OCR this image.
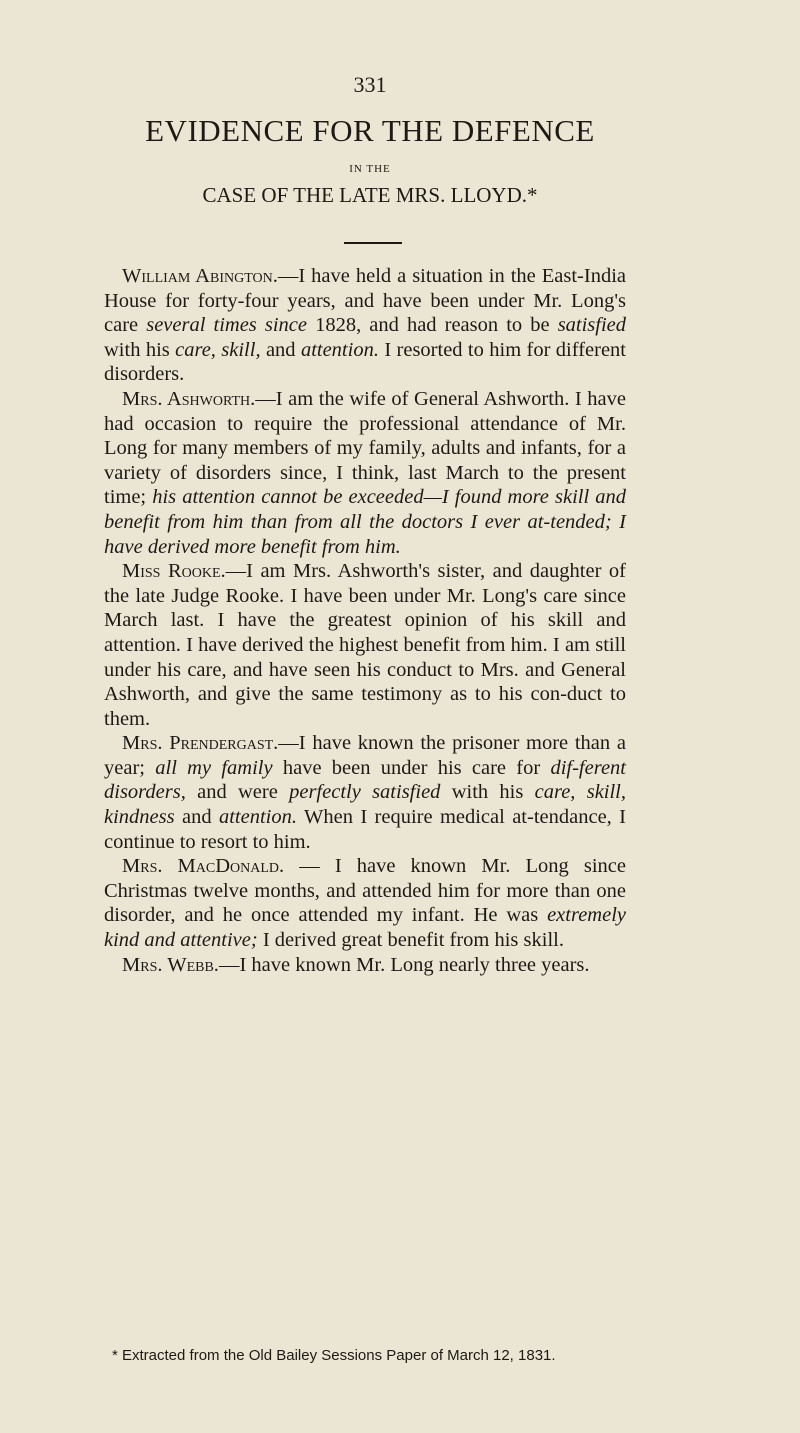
331
EVIDENCE FOR THE DEFENCE
IN THE
CASE OF THE LATE MRS. LLOYD.*

William Abington.—I have held a situation in the East-India House for forty-four years, and have been under Mr. Long's care several times since 1828, and had reason to be satisfied with his care, skill, and attention. I resorted to him for different disorders.

Mrs. Ashworth.—I am the wife of General Ashworth. I have had occasion to require the professional attendance of Mr. Long for many members of my family, adults and infants, for a variety of disorders since, I think, last March to the present time; his attention cannot be exceeded—I found more skill and benefit from him than from all the doctors I ever at-tended; I have derived more benefit from him.

Miss Rooke.—I am Mrs. Ashworth's sister, and daughter of the late Judge Rooke. I have been under Mr. Long's care since March last. I have the greatest opinion of his skill and attention. I have derived the highest benefit from him. I am still under his care, and have seen his conduct to Mrs. and General Ashworth, and give the same testimony as to his con-duct to them.

Mrs. Prendergast.—I have known the prisoner more than a year; all my family have been under his care for dif-ferent disorders, and were perfectly satisfied with his care, skill, kindness and attention. When I require medical at-tendance, I continue to resort to him.

Mrs. MacDonald. — I have known Mr. Long since Christmas twelve months, and attended him for more than one disorder, and he once attended my infant. He was extremely kind and attentive; I derived great benefit from his skill.

Mrs. Webb.—I have known Mr. Long nearly three years.

* Extracted from the Old Bailey Sessions Paper of March 12, 1831.
